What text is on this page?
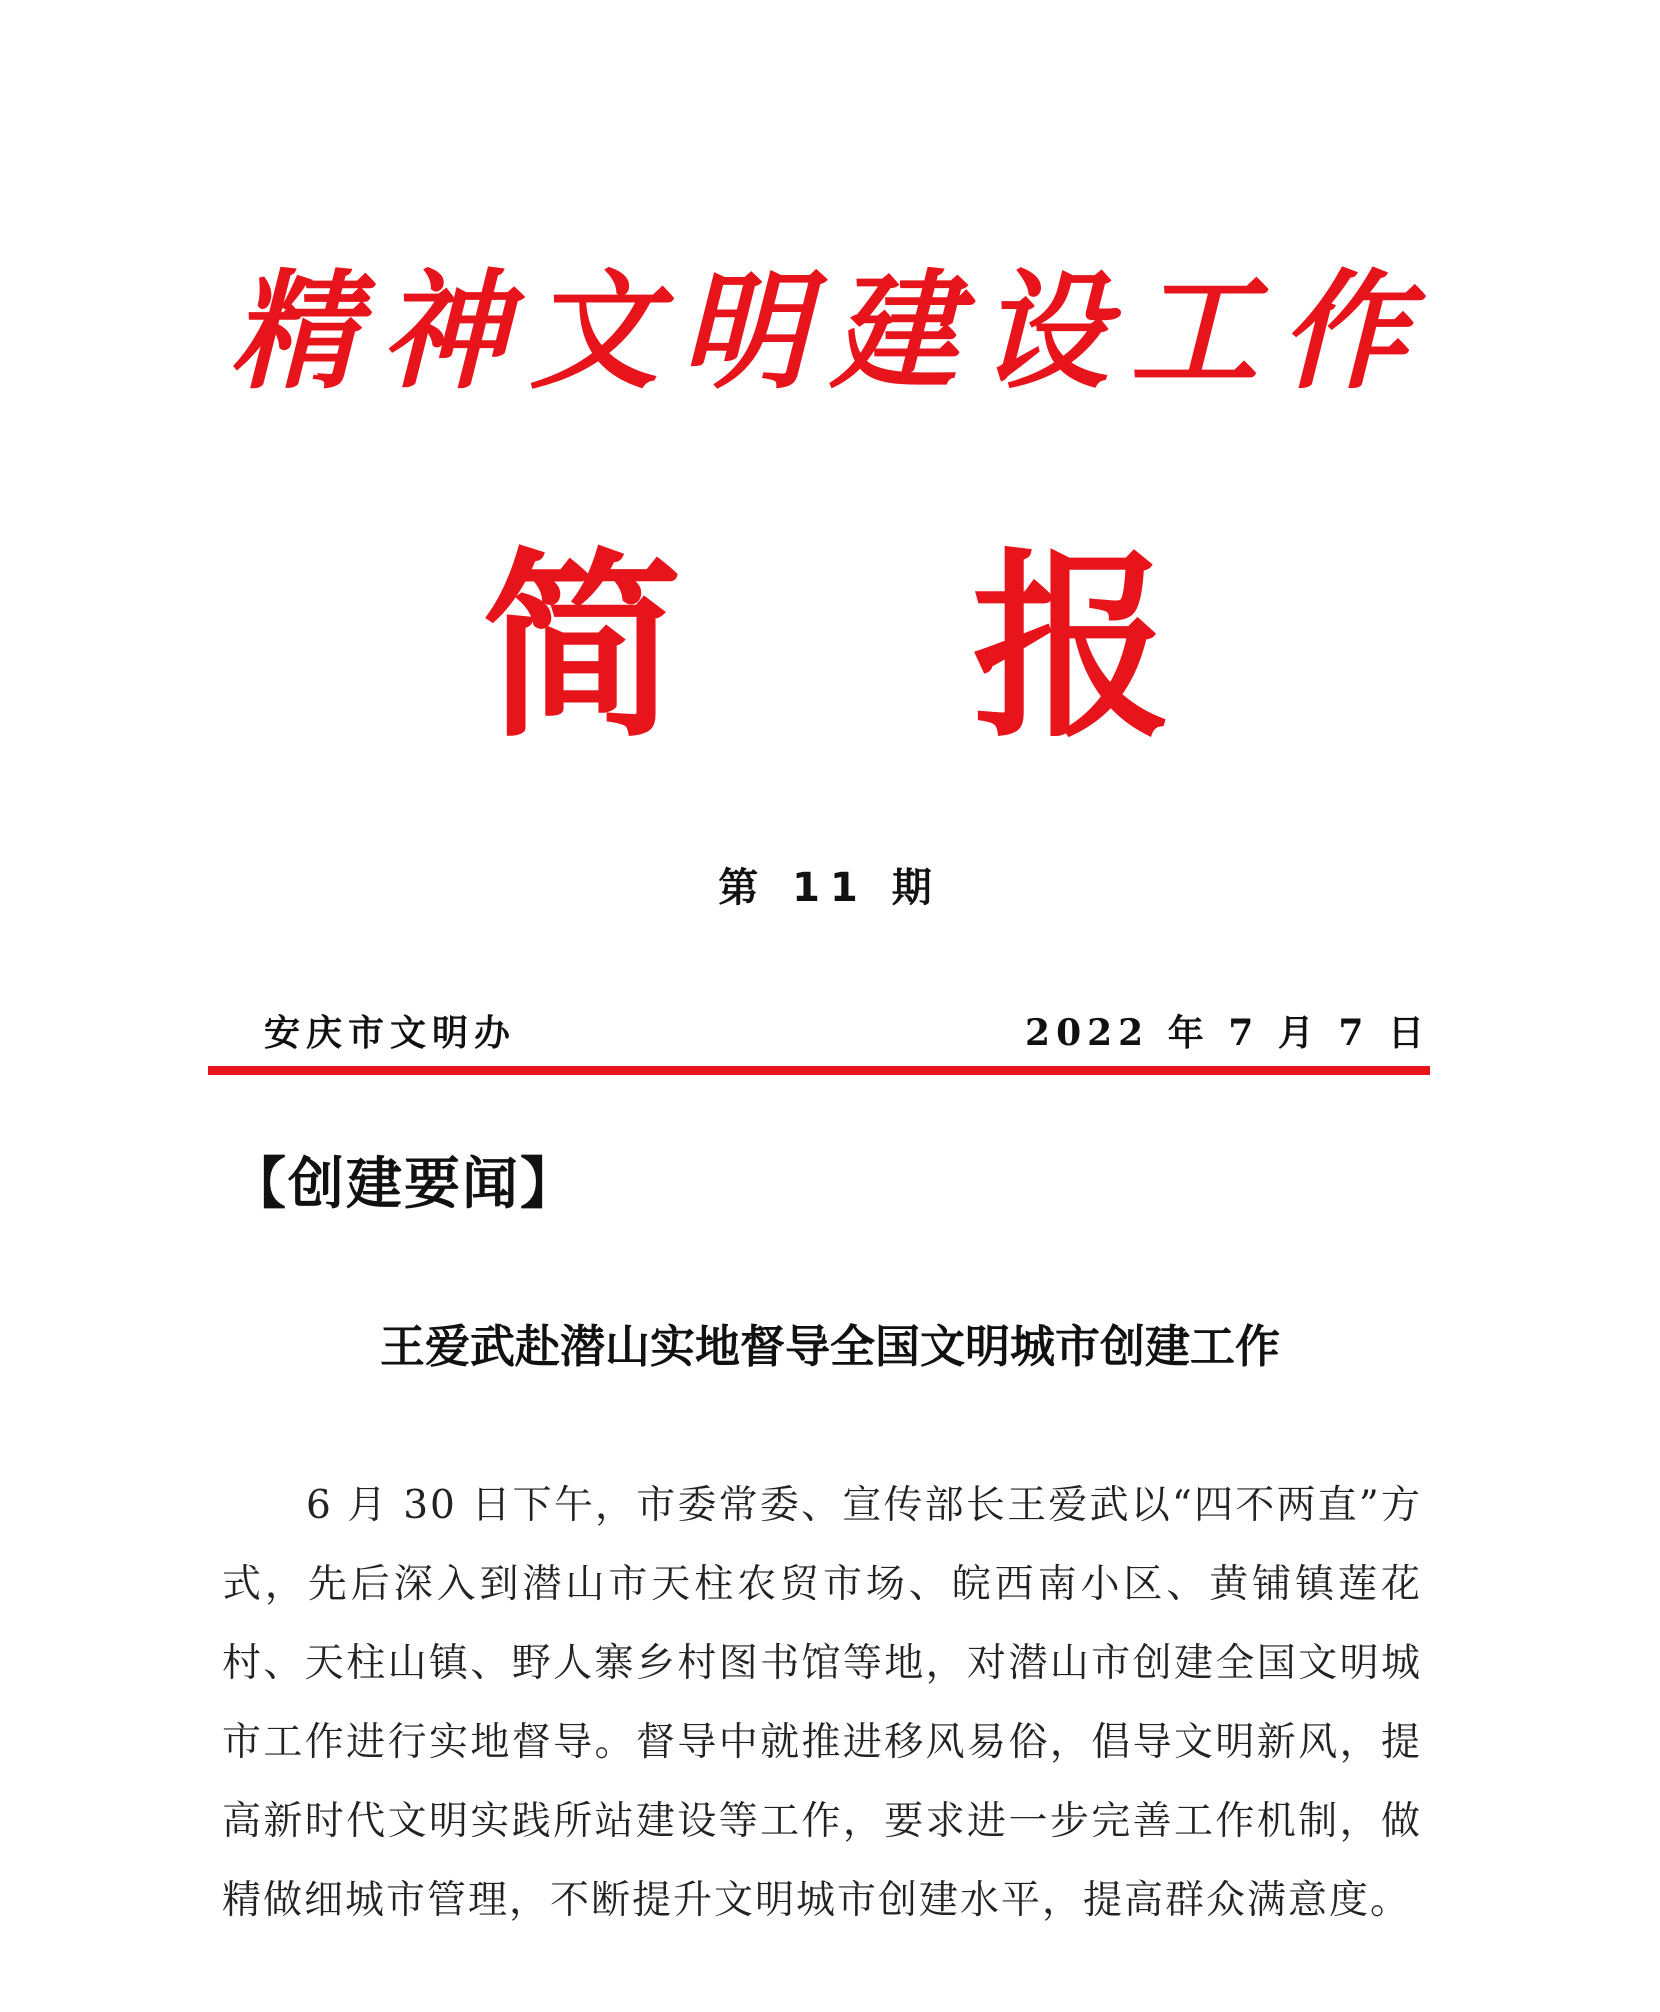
精神文明建设工作
简 报
第 11 期
安庆市文明办	2022 年 7 月 7 日
【创建要闻】
王爱武赴潜山实地督导全国文明城市创建工作

6 月 30 日下午，市委常委、宣传部长王爱武以“四不两直”方式，先后深入到潜山市天柱农贸市场、皖西南小区、黄铺镇莲花村、天柱山镇、野人寨乡村图书馆等地，对潜山市创建全国文明城市工作进行实地督导。督导中就推进移风易俗，倡导文明新风，提高新时代文明实践所站建设等工作，要求进一步完善工作机制，做精做细城市管理，不断提升文明城市创建水平，提高群众满意度。
